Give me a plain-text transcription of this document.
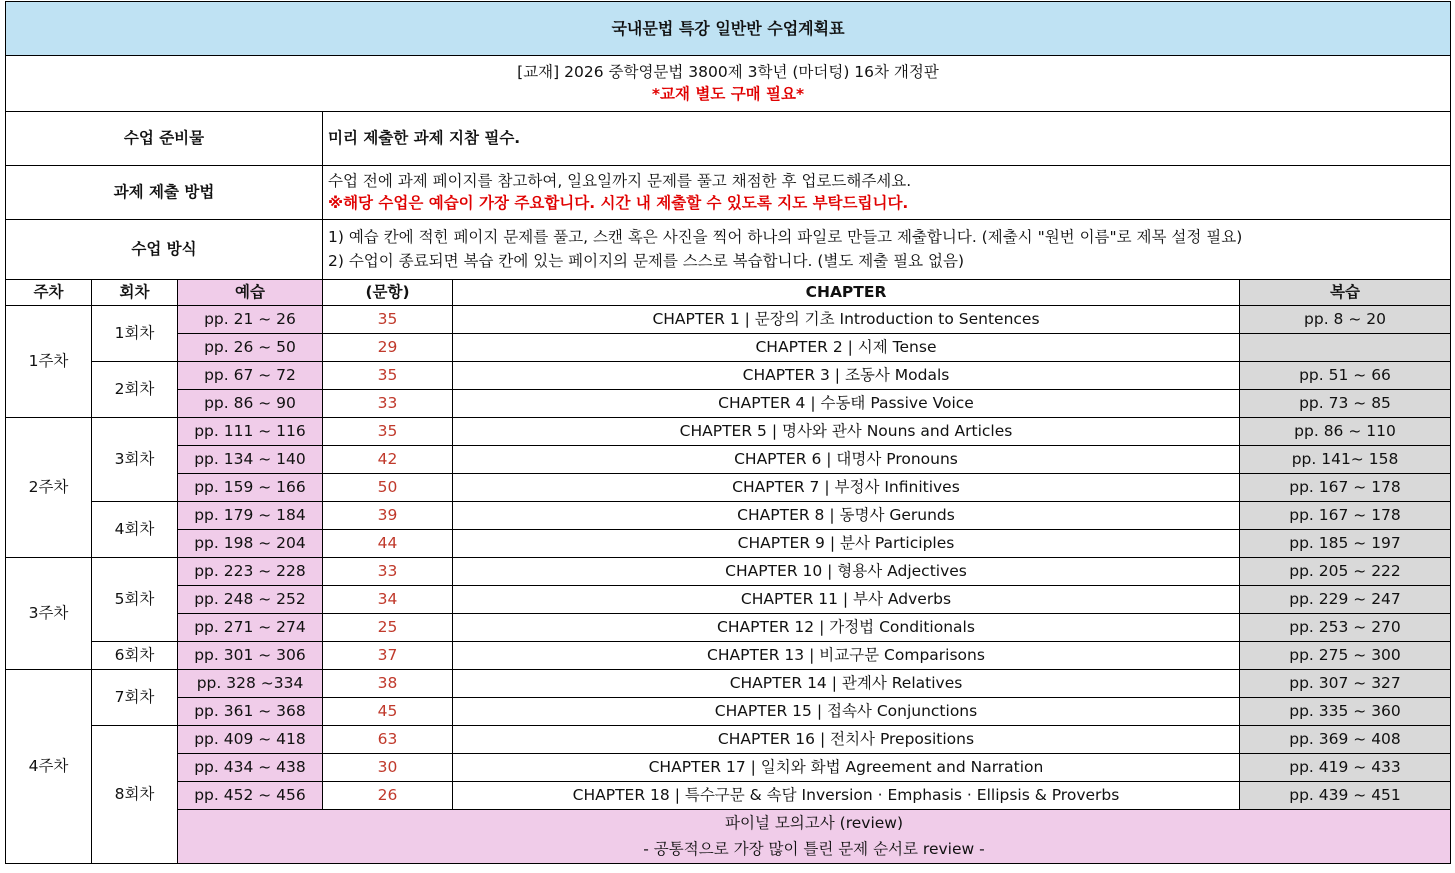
국내문법 특강 일반반 수업계획표					

[교재] 2026 중학영문법 3800제 3학년 (마더텅) 16차 개정판
*교재 별도 구매 필요*					

수업 준비물			미리 제출한 과제 지참 필수.		
과제 제출 방법			수업 전에 과제 페이지를 참고하여, 일요일까지 문제를 풀고 채점한 후 업로드해주세요.
※해당 수업은 예습이 가장 주요합니다. 시간 내 제출할 수 있도록 지도 부탁드립니다.		

수업 방식			1) 예습 칸에 적힌 페이지 문제를 풀고, 스캔 혹은 사진을 찍어 하나의 파일로 만들고 제출합니다. (제출시 "원번 이름"로 제목 설정 필요)
2) 수업이 종료되면 복습 칸에 있는 페이지의 문제를 스스로 복습합니다. (별도 제출 필요 없음)		

주차	회차	예습	(문항)	CHAPTER	복습
1주차	1회차	pp. 21 ~ 26	35	CHAPTER 1 | 문장의 기초 Introduction to Sentences	pp. 8 ~ 20
		pp. 26 ~ 50	29	CHAPTER 2 | 시제 Tense	
	2회차	pp. 67 ~ 72	35	CHAPTER 3 | 조동사 Modals	pp. 51 ~ 66
		pp. 86 ~ 90	33	CHAPTER 4 | 수동태 Passive Voice	pp. 73 ~ 85
2주차	3회차	pp. 111 ~ 116	35	CHAPTER 5 | 명사와 관사 Nouns and Articles	pp. 86 ~ 110
		pp. 134 ~ 140	42	CHAPTER 6 | 대명사 Pronouns	pp. 141~ 158
		pp. 159 ~ 166	50	CHAPTER 7 | 부정사 Infinitives	pp. 167 ~ 178
	4회차	pp. 179 ~ 184	39	CHAPTER 8 | 동명사 Gerunds	pp. 167 ~ 178
		pp. 198 ~ 204	44	CHAPTER 9 | 분사 Participles	pp. 185 ~ 197
3주차	5회차	pp. 223 ~ 228	33	CHAPTER 10 | 형용사 Adjectives	pp. 205 ~ 222
		pp. 248 ~ 252	34	CHAPTER 11 | 부사 Adverbs	pp. 229 ~ 247
		pp. 271 ~ 274	25	CHAPTER 12 | 가정법 Conditionals	pp. 253 ~ 270
	6회차	pp. 301 ~ 306	37	CHAPTER 13 | 비교구문 Comparisons	pp. 275 ~ 300
4주차	7회차	pp. 328 ~334	38	CHAPTER 14 | 관계사 Relatives	pp. 307 ~ 327
		pp. 361 ~ 368	45	CHAPTER 15 | 접속사 Conjunctions	pp. 335 ~ 360
	8회차	pp. 409 ~ 418	63	CHAPTER 16 | 전치사 Prepositions	pp. 369 ~ 408
		pp. 434 ~ 438	30	CHAPTER 17 | 일치와 화법 Agreement and Narration	pp. 419 ~ 433
		pp. 452 ~ 456	26	CHAPTER 18 | 특수구문 & 속담 Inversion · Emphasis · Ellipsis & Proverbs	pp. 439 ~ 451

		파이널 모의고사 (review)
- 공통적으로 가장 많이 틀린 문제 순서로 review -			
